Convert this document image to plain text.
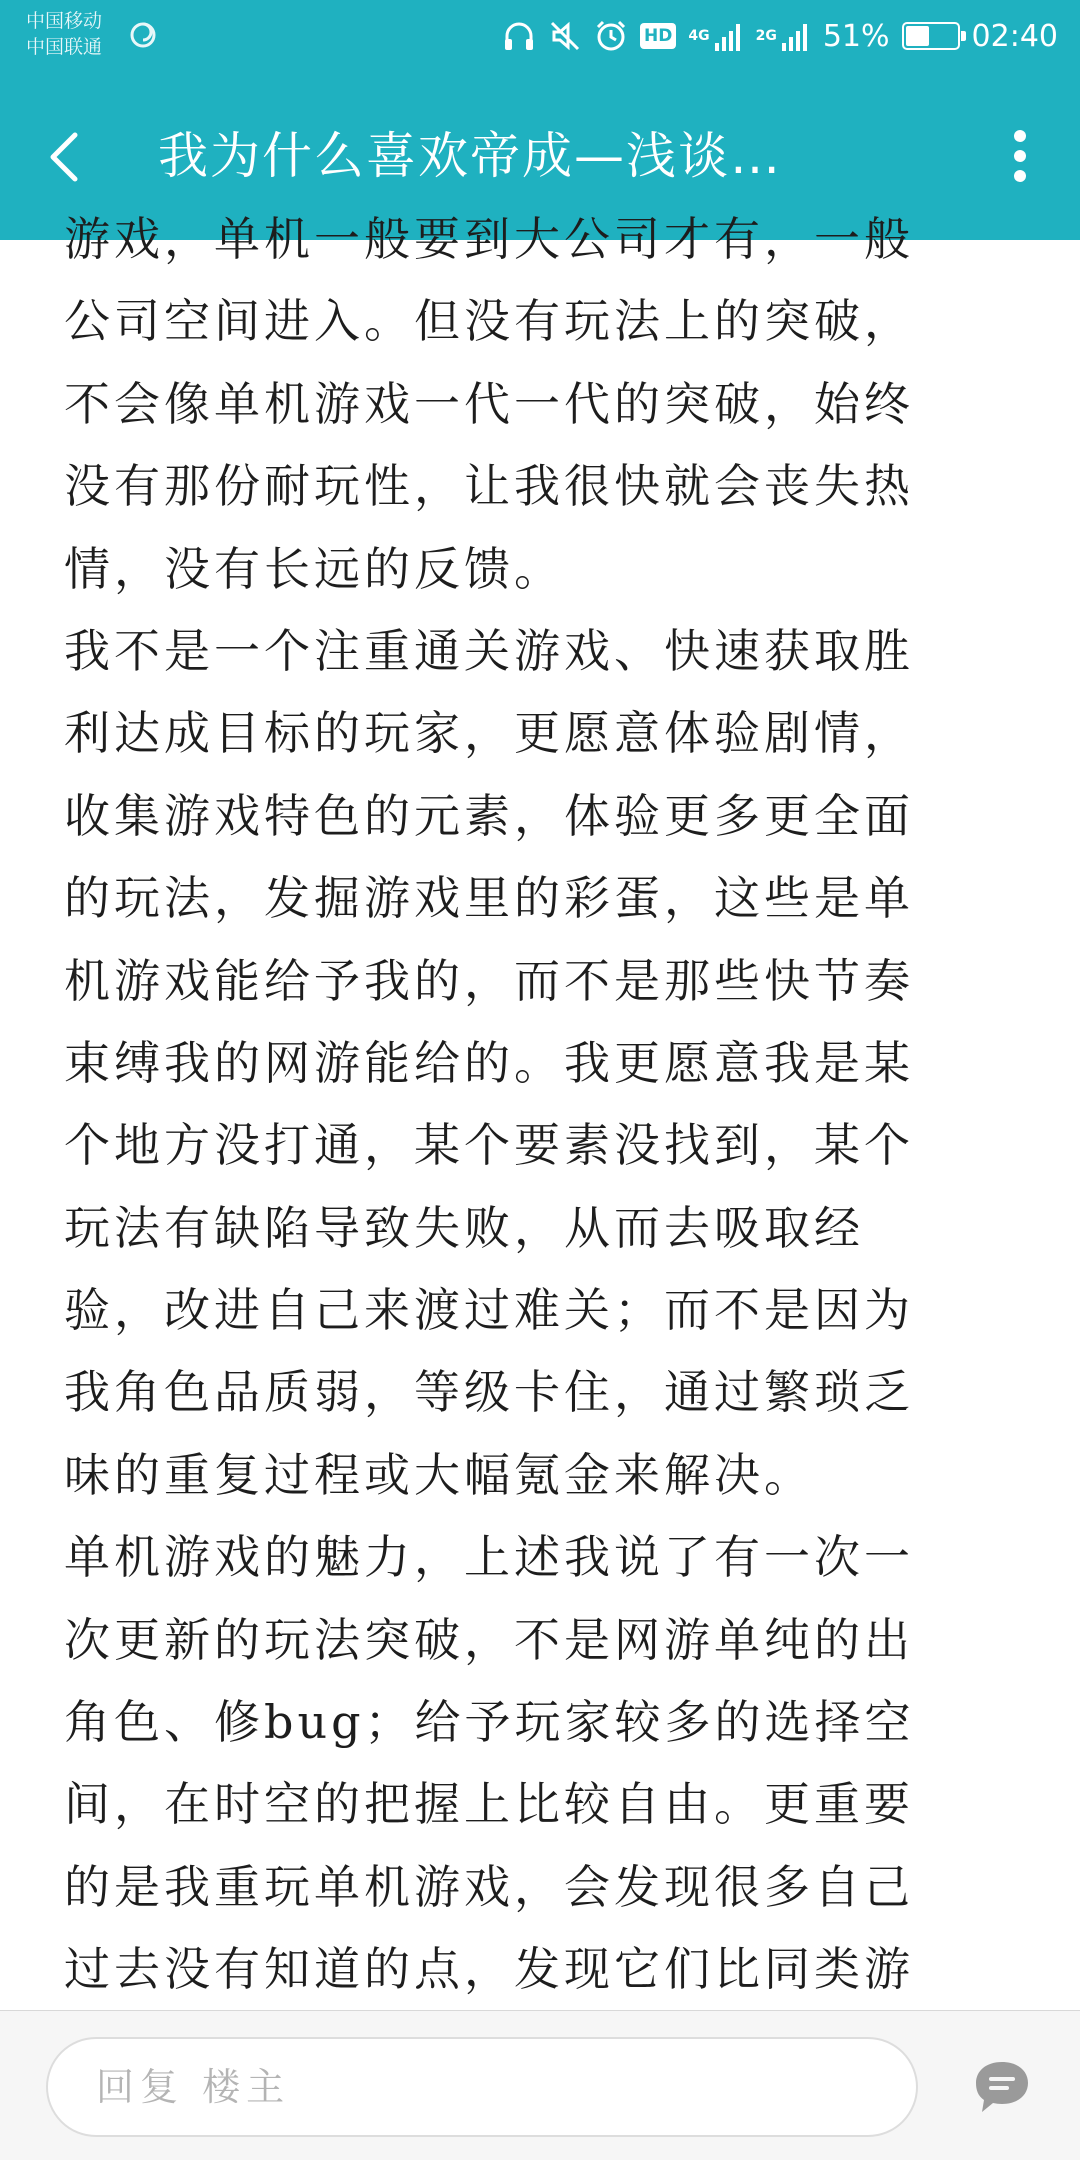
中国移动
中国联通	HD 4G	2G 51%	02:40
我为什么喜欢帝成—浅谈…
游戏，单机一般要到大公司才有，一般
公司空间进入。但没有玩法上的突破，
不会像单机游戏一代一代的突破，始终
没有那份耐玩性，让我很快就会丧失热
情，没有长远的反馈。
我不是一个注重通关游戏、快速获取胜
利达成目标的玩家，更愿意体验剧情，
收集游戏特色的元素，体验更多更全面
的玩法，发掘游戏里的彩蛋，这些是单
机游戏能给予我的，而不是那些快节奏
束缚我的网游能给的。我更愿意我是某
个地方没打通，某个要素没找到，某个
玩法有缺陷导致失败，从而去吸取经
验，改进自己来渡过难关；而不是因为
我角色品质弱，等级卡住，通过繁琐乏
味的重复过程或大幅氪金来解决。
单机游戏的魅力，上述我说了有一次一
次更新的玩法突破，不是网游单纯的出
角色、修bug；给予玩家较多的选择空
间，在时空的把握上比较自由。更重要
的是我重玩单机游戏，会发现很多自己
过去没有知道的点，发现它们比同类游
回复 楼主
